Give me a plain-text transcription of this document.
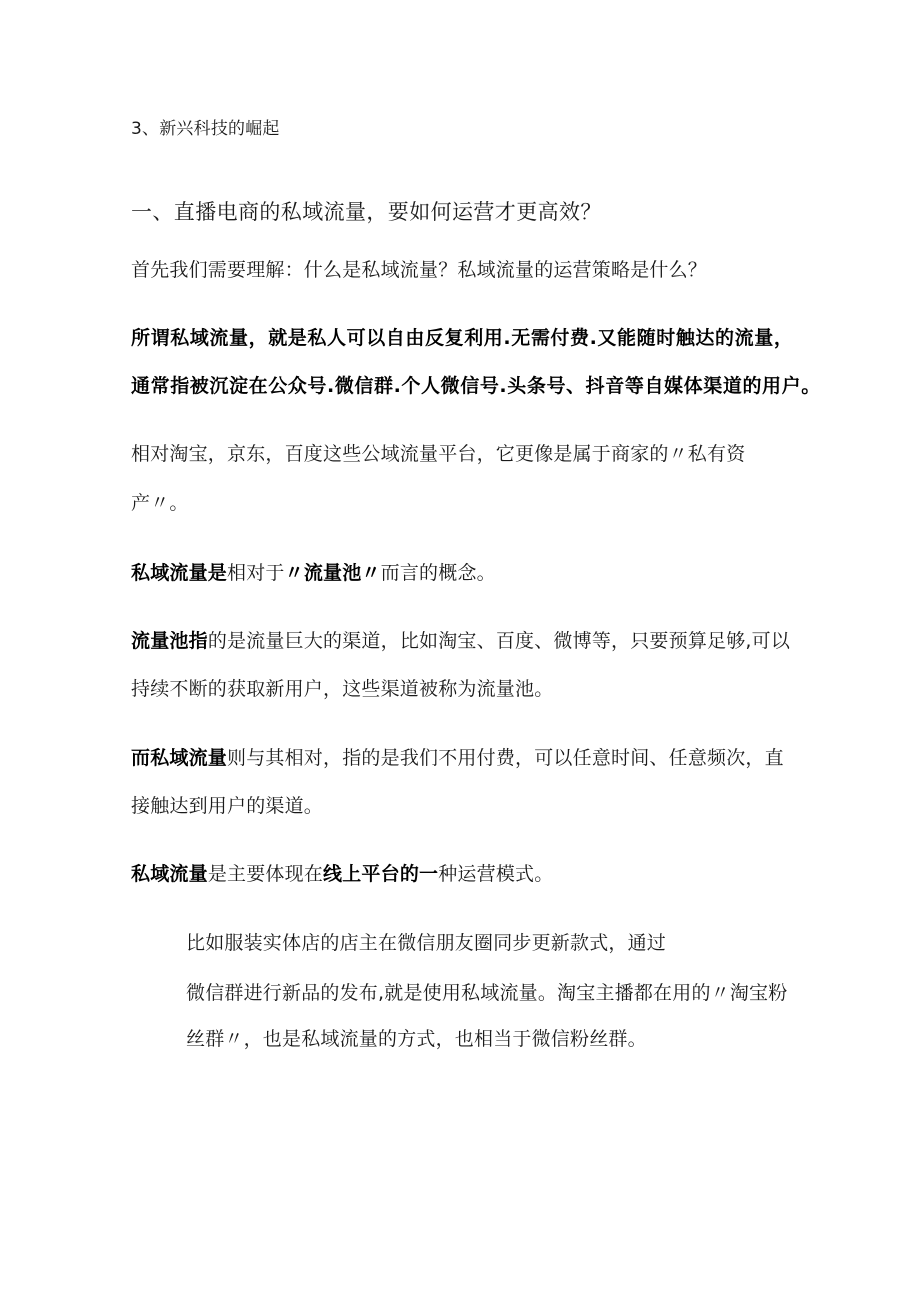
3、新兴科技的崛起
一、直播电商的私域流量，要如何运营才更高效？
首先我们需要理解：什么是私域流量？私域流量的运营策略是什么？
所谓私域流量，就是私人可以自由反复利用.无需付费.又能随时触达的流量，
通常指被沉淀在公众号.微信群.个人微信号.头条号、抖音等自媒体渠道的用户。
相对淘宝，京东，百度这些公域流量平台，它更像是属于商家的〃私有资
产〃。
私域流量是相对于〃流量池〃而言的概念。
流量池指的是流量巨大的渠道，比如淘宝、百度、微博等，只要预算足够,可以
持续不断的获取新用户，这些渠道被称为流量池。
而私域流量则与其相对，指的是我们不用付费，可以任意时间、任意频次，直
接触达到用户的渠道。
私域流量是主要体现在线上平台的一种运营模式。
比如服装实体店的店主在微信朋友圈同步更新款式，通过
微信群进行新品的发布,就是使用私域流量。淘宝主播都在用的〃淘宝粉
丝群〃，也是私域流量的方式，也相当于微信粉丝群。
